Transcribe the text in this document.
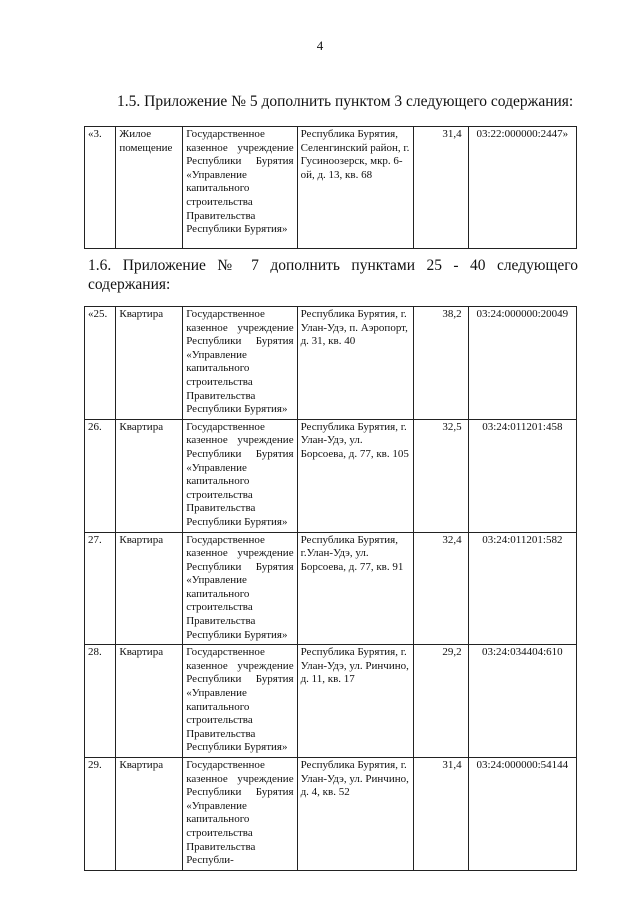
4
1.5. Приложение № 5 дополнить пунктом 3 следующего содержания:
«3.	Жилое помещение	Государственное казенное учреждение Республики Бурятия «Управление капитального строительства Правительства Республики Бурятия»	Республика Бурятия, Селенгинский район, г. Гусиноозерск, мкр. 6-ой, д. 13, кв. 68	31,4	03:22:000000:2447»
1.6. Приложение № 7 дополнить пунктами 25 - 40 следующего содержания:
«25.	Квартира	Государственное казенное учреждение Республики Бурятия «Управление капитального строительства Правительства Республики Бурятия»	Республика Бурятия, г. Улан-Удэ, п. Аэропорт, д. 31, кв. 40	38,2	03:24:000000:20049
26.	Квартира	Государственное казенное учреждение Республики Бурятия «Управление капитального строительства Правительства Республики Бурятия»	Республика Бурятия, г. Улан-Удэ, ул. Борсоева, д. 77, кв. 105	32,5	03:24:011201:458
27.	Квартира	Государственное казенное учреждение Республики Бурятия «Управление капитального строительства Правительства Республики Бурятия»	Республика Бурятия, г.Улан-Удэ, ул. Борсоева, д. 77, кв. 91	32,4	03:24:011201:582
28.	Квартира	Государственное казенное учреждение Республики Бурятия «Управление капитального строительства Правительства Республики Бурятия»	Республика Бурятия, г. Улан-Удэ, ул. Ринчино, д. 11, кв. 17	29,2	03:24:034404:610
29.	Квартира	Государственное казенное учреждение Республики Бурятия «Управление капитального строительства Правительства Республи-	Республика Бурятия, г. Улан-Удэ, ул. Ринчино, д. 4, кв. 52	31,4	03:24:000000:54144
